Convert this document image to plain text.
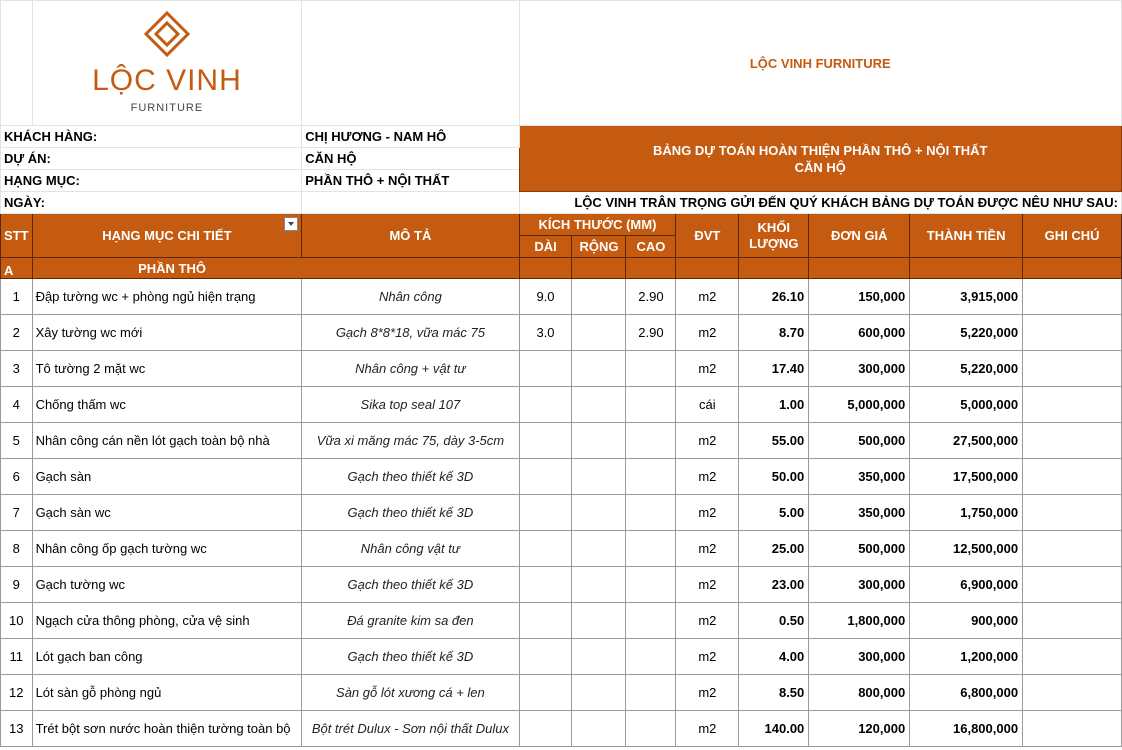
	LỘC VINH
FURNITURE		LỘC VINH FURNITURE							
KHÁCH HÀNG:		CHỊ HƯƠNG - NAM HÔ	BẢNG DỰ TOÁN HOÀN THIỆN PHẦN THÔ + NỘI THẤT
CĂN HỘ							

DỰ ÁN:		CĂN HỘ								
HẠNG MỤC:		PHẦN THÔ + NỘI THẤT								
NGÀY:			LỘC VINH TRÂN TRỌNG GỬI ĐẾN QUÝ KHÁCH BẢNG DỰ TOÁN ĐƯỢC NÊU NHƯ SAU:							
STT	HẠNG MỤC CHI TIẾT	MÔ TẢ	KÍCH THƯỚC (MM)			ĐVT	KHỐI LƯỢNG	ĐƠN GIÁ	THÀNH TIỀN	GHI CHÚ
			DÀI	RỘNG	CAO					
A	PHẦN THÔ									
1	Đập tường wc + phòng ngủ hiện trạng	Nhân công	9.0		2.90	m2	26.10	150,000	3,915,000	
2	Xây tường wc mới	Gạch 8*8*18, vữa mác 75	3.0		2.90	m2	8.70	600,000	5,220,000	
3	Tô tường 2 mặt wc	Nhân công + vật tư				m2	17.40	300,000	5,220,000	
4	Chống thấm wc	Sika top seal 107				cái	1.00	5,000,000	5,000,000	
5	Nhân công cán nền lót gạch toàn bộ nhà	Vữa xi măng mác 75, dày 3-5cm				m2	55.00	500,000	27,500,000	
6	Gạch sàn	Gạch theo thiết kế 3D				m2	50.00	350,000	17,500,000	
7	Gạch sàn wc	Gạch theo thiết kế 3D				m2	5.00	350,000	1,750,000	
8	Nhân công ốp gạch tường wc	Nhân công vật tư				m2	25.00	500,000	12,500,000	
9	Gạch tường wc	Gạch theo thiết kế 3D				m2	23.00	300,000	6,900,000	
10	Ngạch cửa thông phòng, cửa vệ sinh	Đá granite kim sa đen				m2	0.50	1,800,000	900,000	
11	Lót gạch ban công	Gạch theo thiết kế 3D				m2	4.00	300,000	1,200,000	
12	Lót sàn gỗ phòng ngủ	Sàn gỗ lót xương cá + len				m2	8.50	800,000	6,800,000	
13	Trét bột sơn nước hoàn thiện tường toàn bộ	Bột trét Dulux - Sơn nội thất Dulux				m2	140.00	120,000	16,800,000	
